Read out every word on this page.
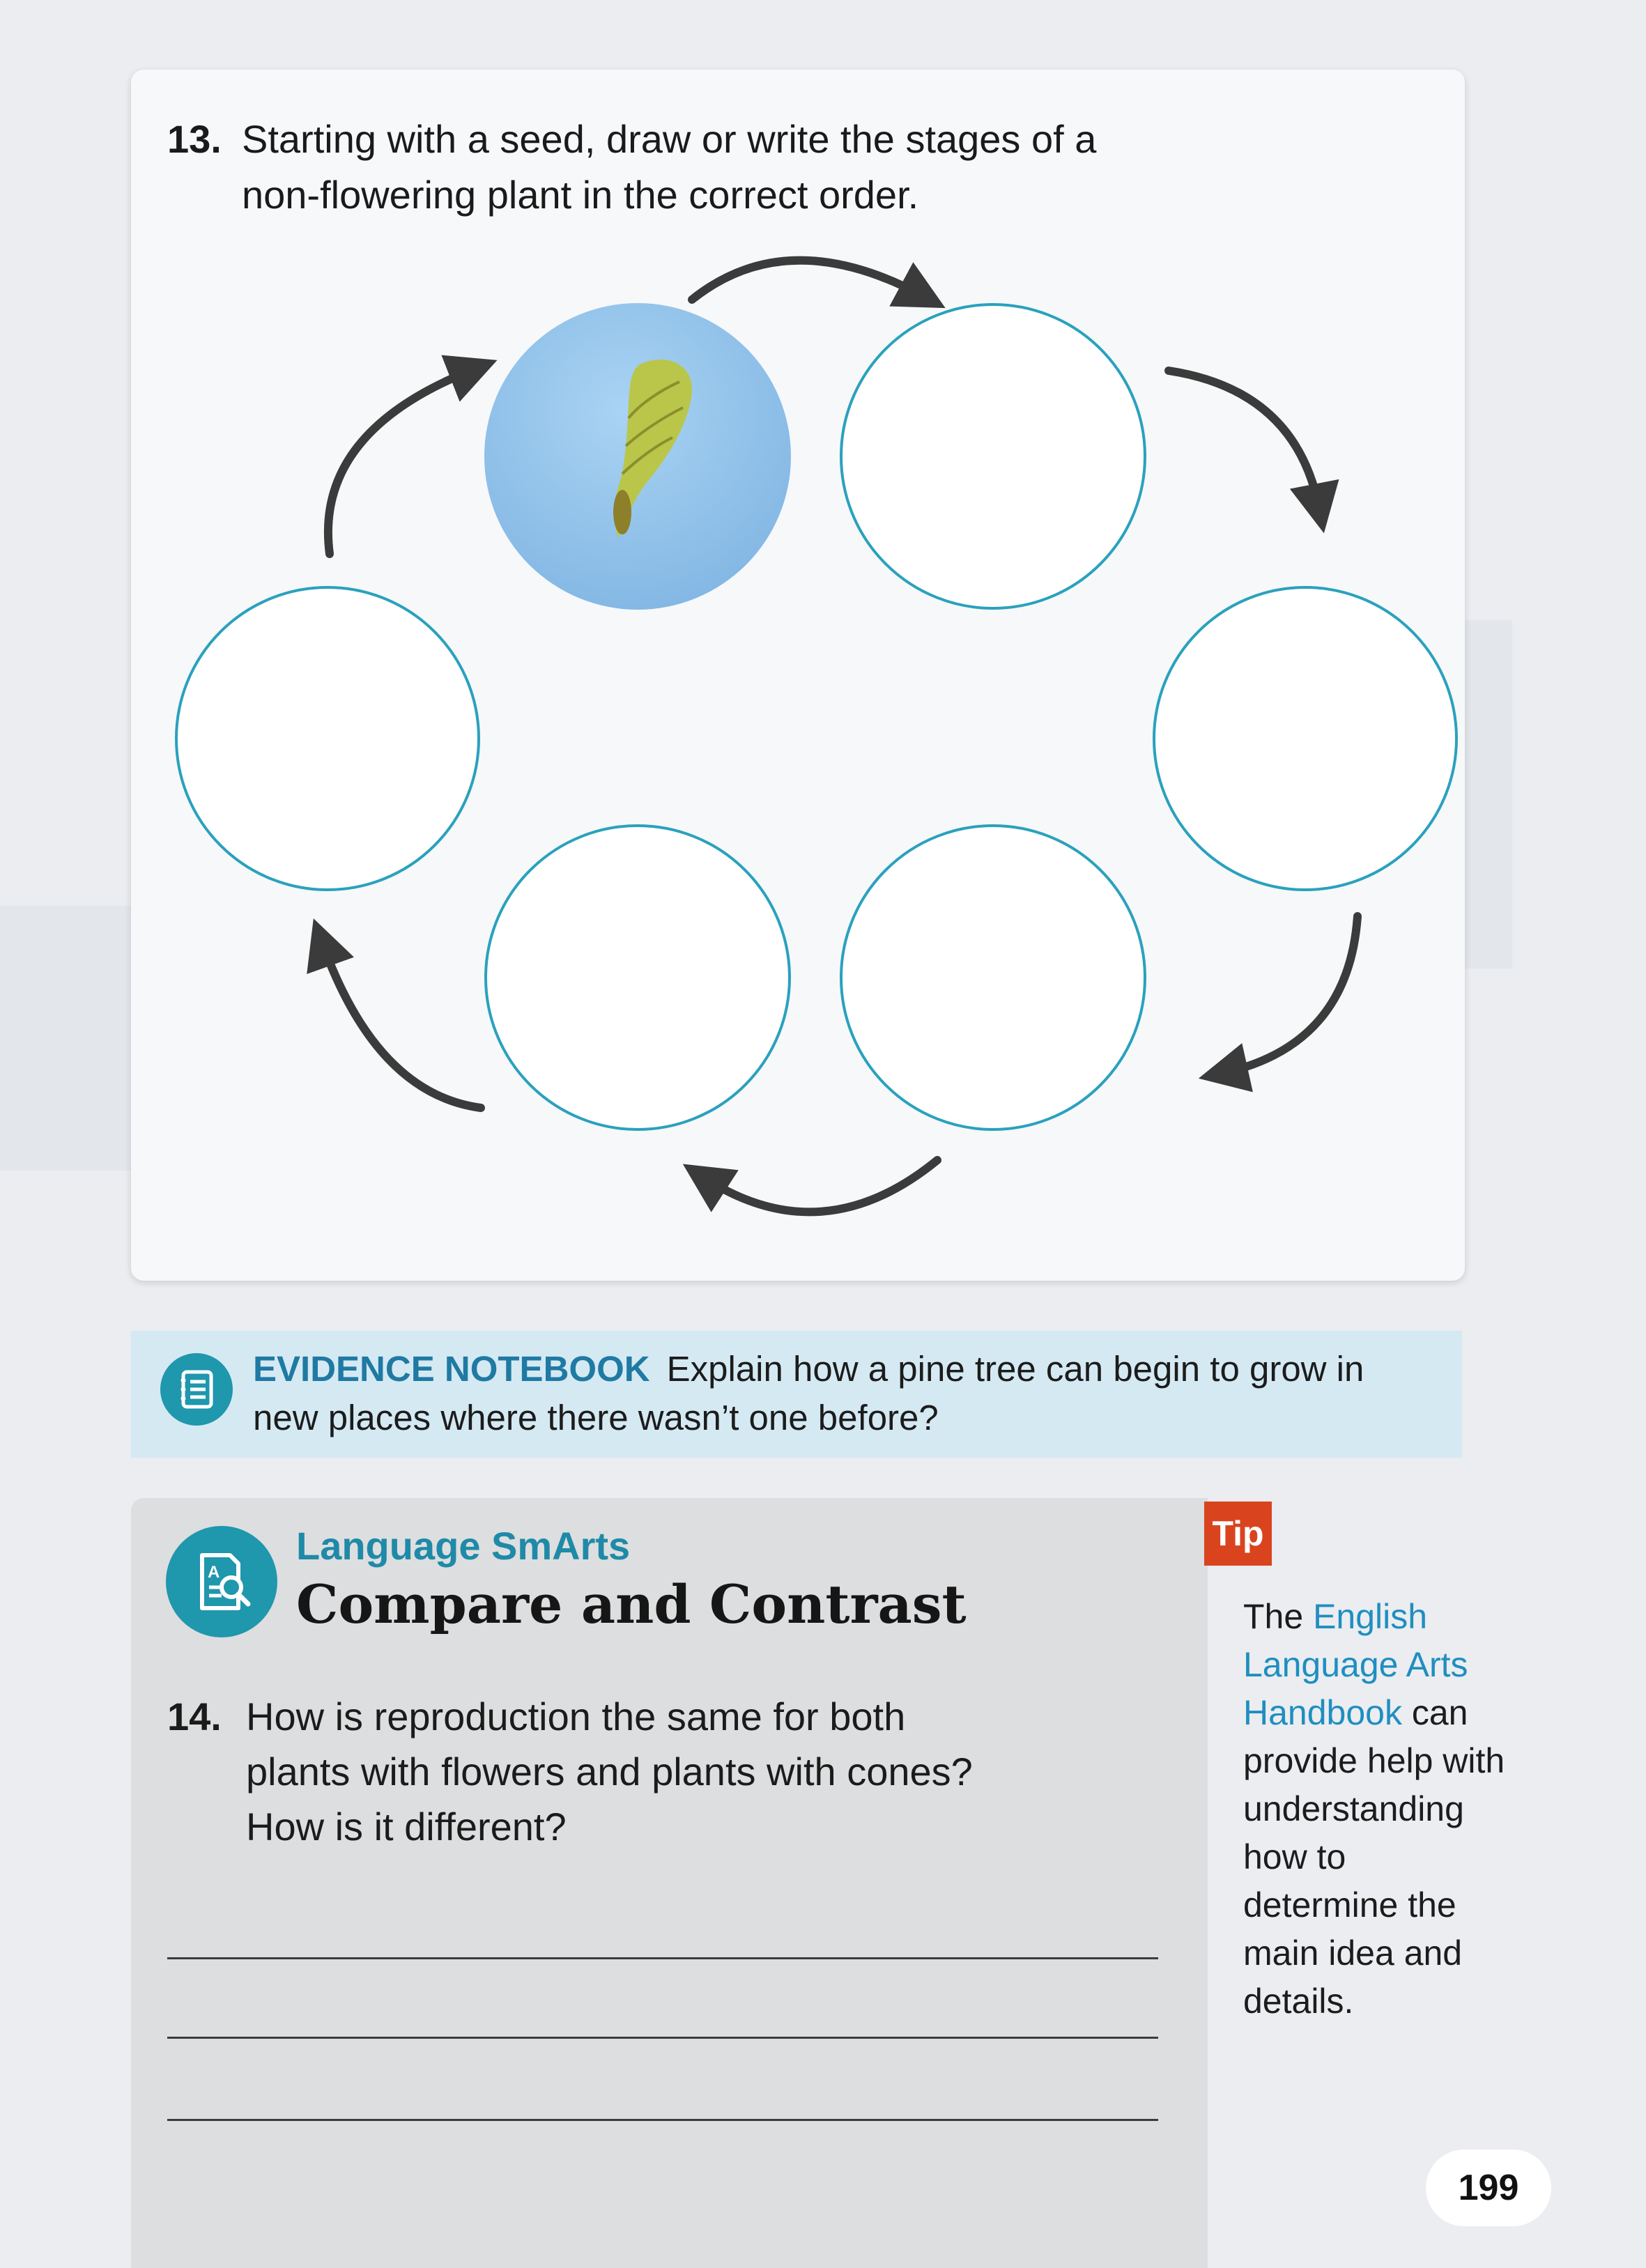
13. Starting with a seed, draw or write the stages of a
non-flowering plant in the correct order.
EVIDENCE NOTEBOOK Explain how a pine tree can begin to grow in
new places where there wasn’t one before?
A
Language SmArts
Compare and Contrast
14. How is reproduction the same for both
plants with flowers and plants with cones?
How is it different?
Tip
The English
Language Arts
Handbook can
provide help with
understanding
how to
determine the
main idea and
details.
199
